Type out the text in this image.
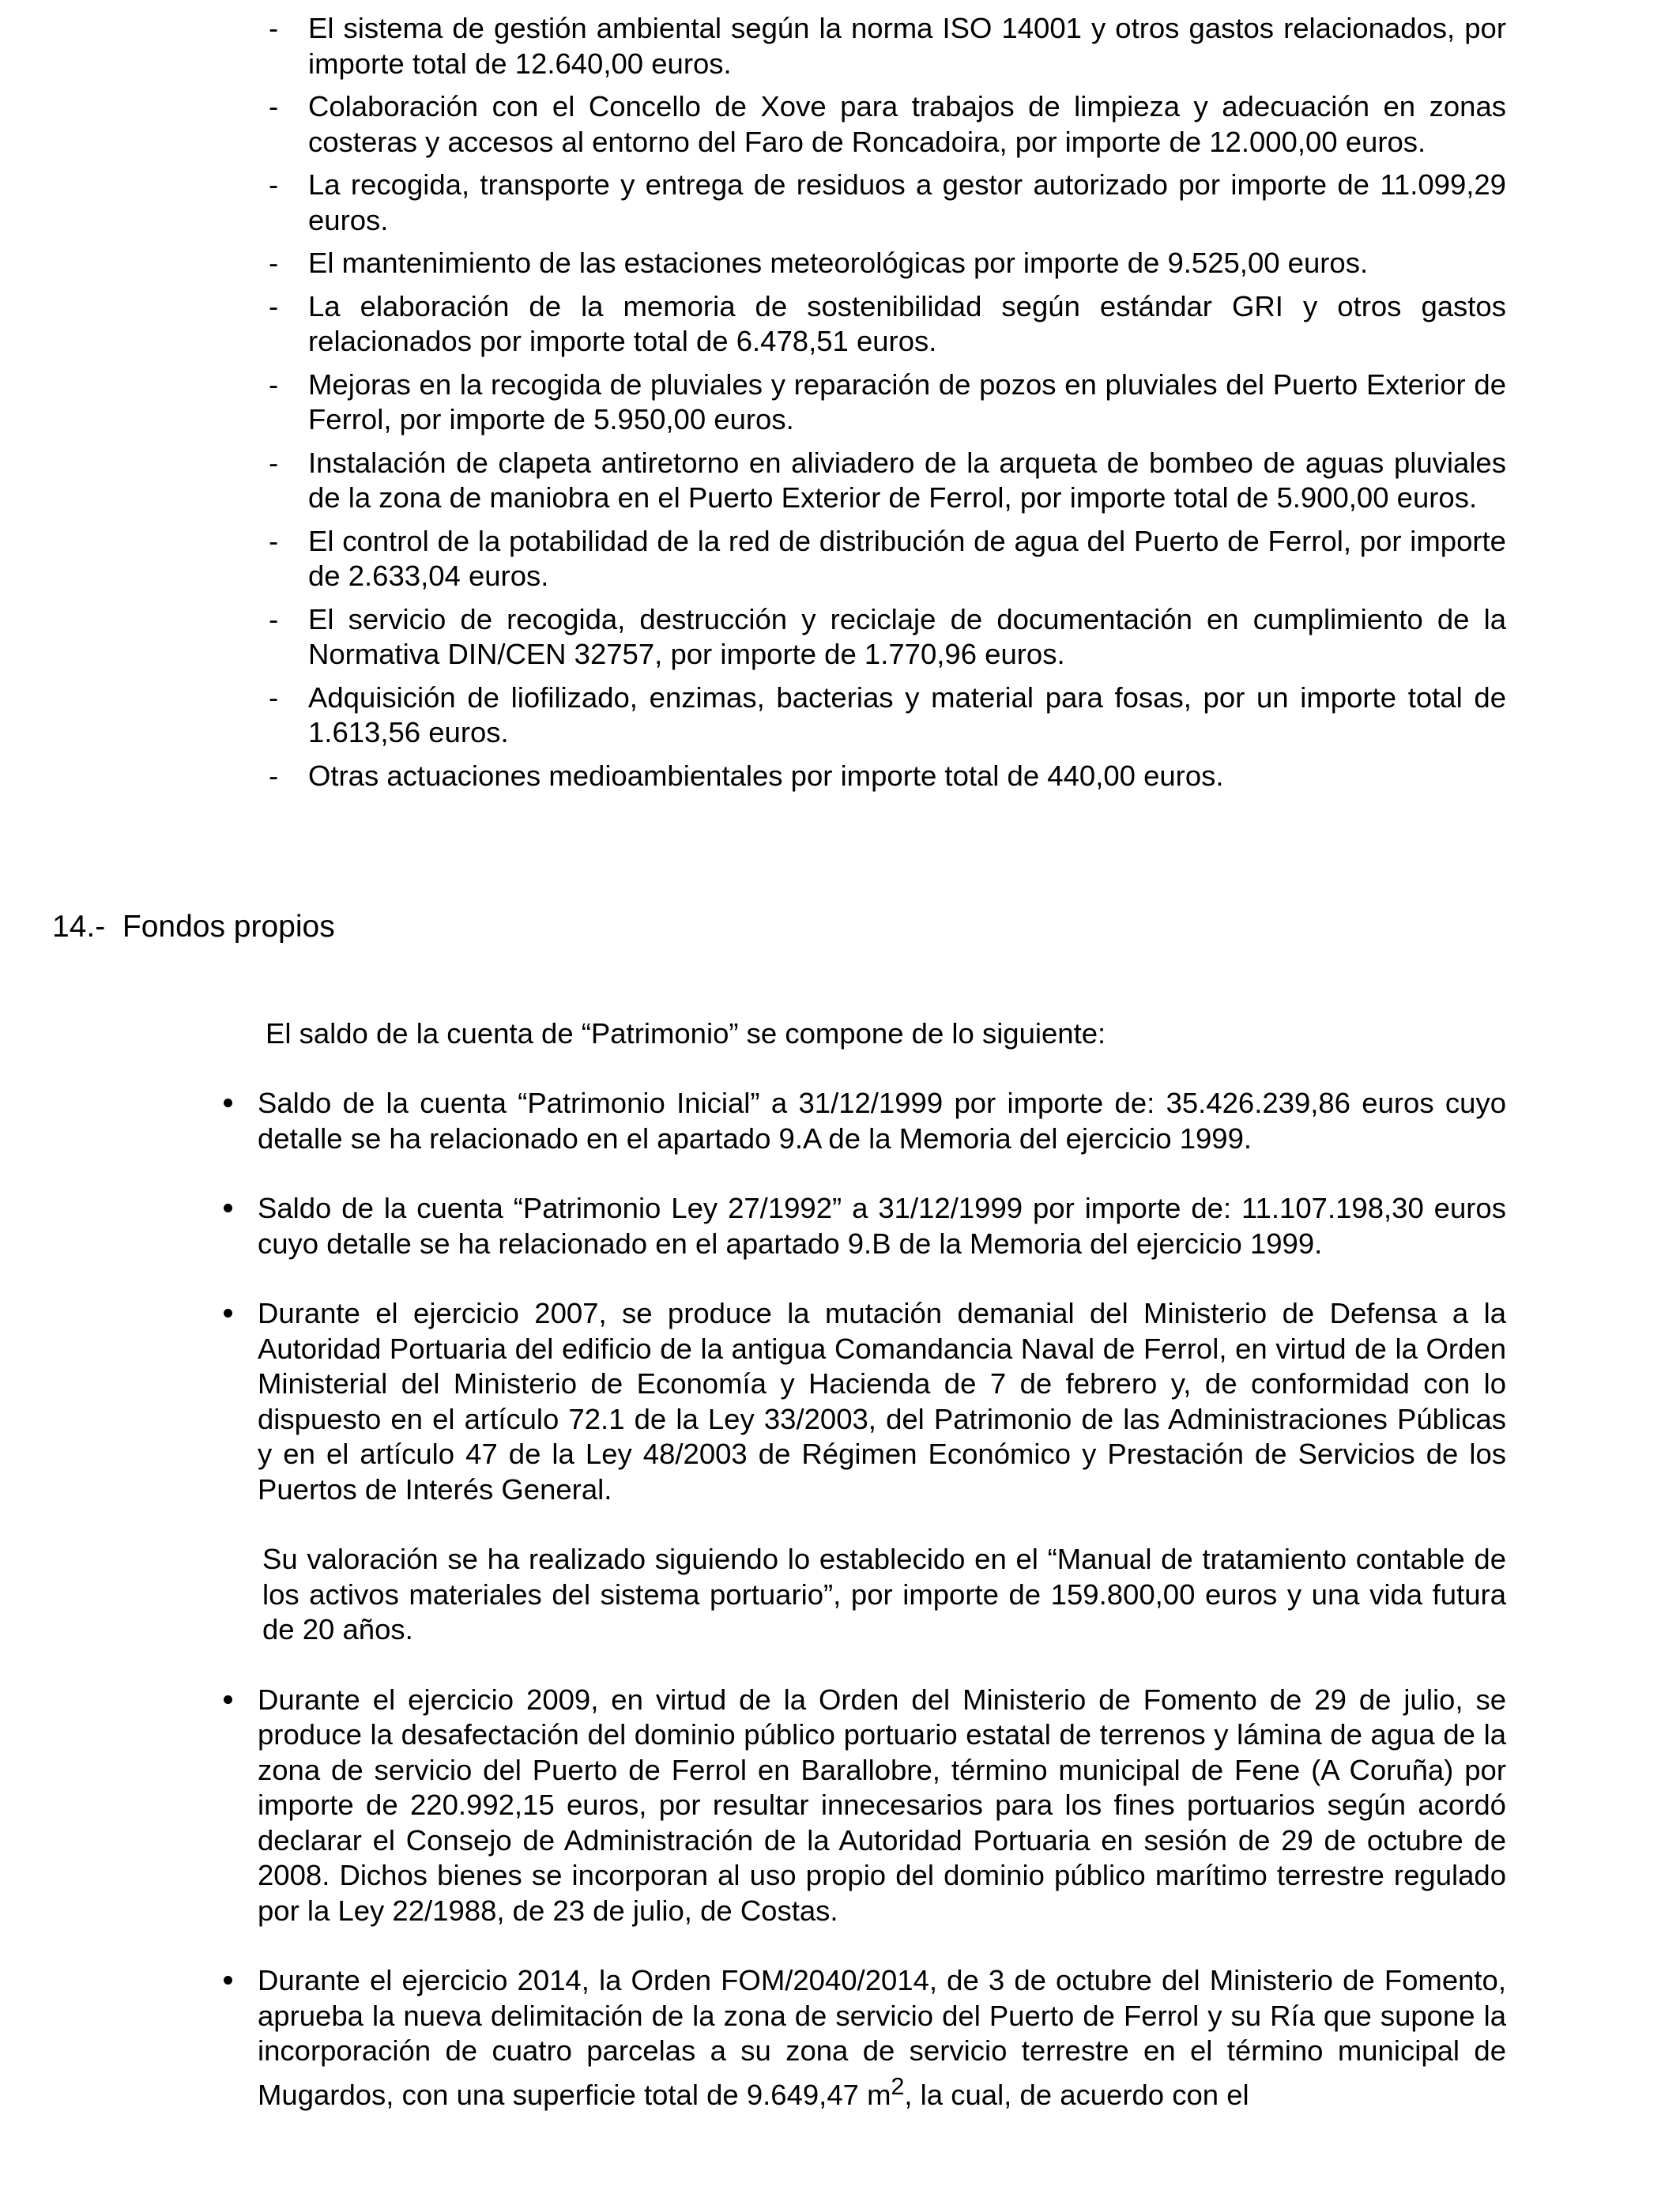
- El sistema de gestión ambiental según la norma ISO 14001 y otros gastos relacionados, por importe total de 12.640,00 euros.
- Colaboración con el Concello de Xove para trabajos de limpieza y adecuación en zonas costeras y accesos al entorno del Faro de Roncadoira, por importe de 12.000,00 euros.
- La recogida, transporte y entrega de residuos a gestor autorizado por importe de 11.099,29 euros.
- El mantenimiento de las estaciones meteorológicas por importe de 9.525,00 euros.
- La elaboración de la memoria de sostenibilidad según estándar GRI y otros gastos relacionados por importe total de 6.478,51 euros.
- Mejoras en la recogida de pluviales y reparación de pozos en pluviales del Puerto Exterior de Ferrol, por importe de 5.950,00 euros.
- Instalación de clapeta antiretorno en aliviadero de la arqueta de bombeo de aguas pluviales de la zona de maniobra en el Puerto Exterior de Ferrol, por importe total de 5.900,00 euros.
- El control de la potabilidad de la red de distribución de agua del Puerto de Ferrol, por importe de 2.633,04 euros.
- El servicio de recogida, destrucción y reciclaje de documentación en cumplimiento de la Normativa DIN/CEN 32757, por importe de 1.770,96 euros.
- Adquisición de liofilizado, enzimas, bacterias y material para fosas, por un importe total de 1.613,56 euros.
- Otras actuaciones medioambientales por importe total de 440,00 euros.
14.- Fondos propios

El saldo de la cuenta de “Patrimonio” se compone de lo siguiente:

Saldo de la cuenta “Patrimonio Inicial” a 31/12/1999 por importe de: 35.426.239,86 euros cuyo detalle se ha relacionado en el apartado 9.A de la Memoria del ejercicio 1999.

Saldo de la cuenta “Patrimonio Ley 27/1992” a 31/12/1999 por importe de: 11.107.198,30 euros cuyo detalle se ha relacionado en el apartado 9.B de la Memoria del ejercicio 1999.

Durante el ejercicio 2007, se produce la mutación demanial del Ministerio de Defensa a la Autoridad Portuaria del edificio de la antigua Comandancia Naval de Ferrol, en virtud de la Orden Ministerial del Ministerio de Economía y Hacienda de 7 de febrero y, de conformidad con lo dispuesto en el artículo 72.1 de la Ley 33/2003, del Patrimonio de las Administraciones Públicas y en el artículo 47 de la Ley 48/2003 de Régimen Económico y Prestación de Servicios de los Puertos de Interés General.

Su valoración se ha realizado siguiendo lo establecido en el “Manual de tratamiento contable de los activos materiales del sistema portuario”, por importe de 159.800,00 euros y una vida futura de 20 años.

Durante el ejercicio 2009, en virtud de la Orden del Ministerio de Fomento de 29 de julio, se produce la desafectación del dominio público portuario estatal de terrenos y lámina de agua de la zona de servicio del Puerto de Ferrol en Barallobre, término municipal de Fene (A Coruña) por importe de 220.992,15 euros, por resultar innecesarios para los fines portuarios según acordó declarar el Consejo de Administración de la Autoridad Portuaria en sesión de 29 de octubre de 2008. Dichos bienes se incorporan al uso propio del dominio público marítimo terrestre regulado por la Ley 22/1988, de 23 de julio, de Costas.

Durante el ejercicio 2014, la Orden FOM/2040/2014, de 3 de octubre del Ministerio de Fomento, aprueba la nueva delimitación de la zona de servicio del Puerto de Ferrol y su Ría que supone la incorporación de cuatro parcelas a su zona de servicio terrestre en el término municipal de Mugardos, con una superficie total de 9.649,47 $m^2$, la cual, de acuerdo con el
